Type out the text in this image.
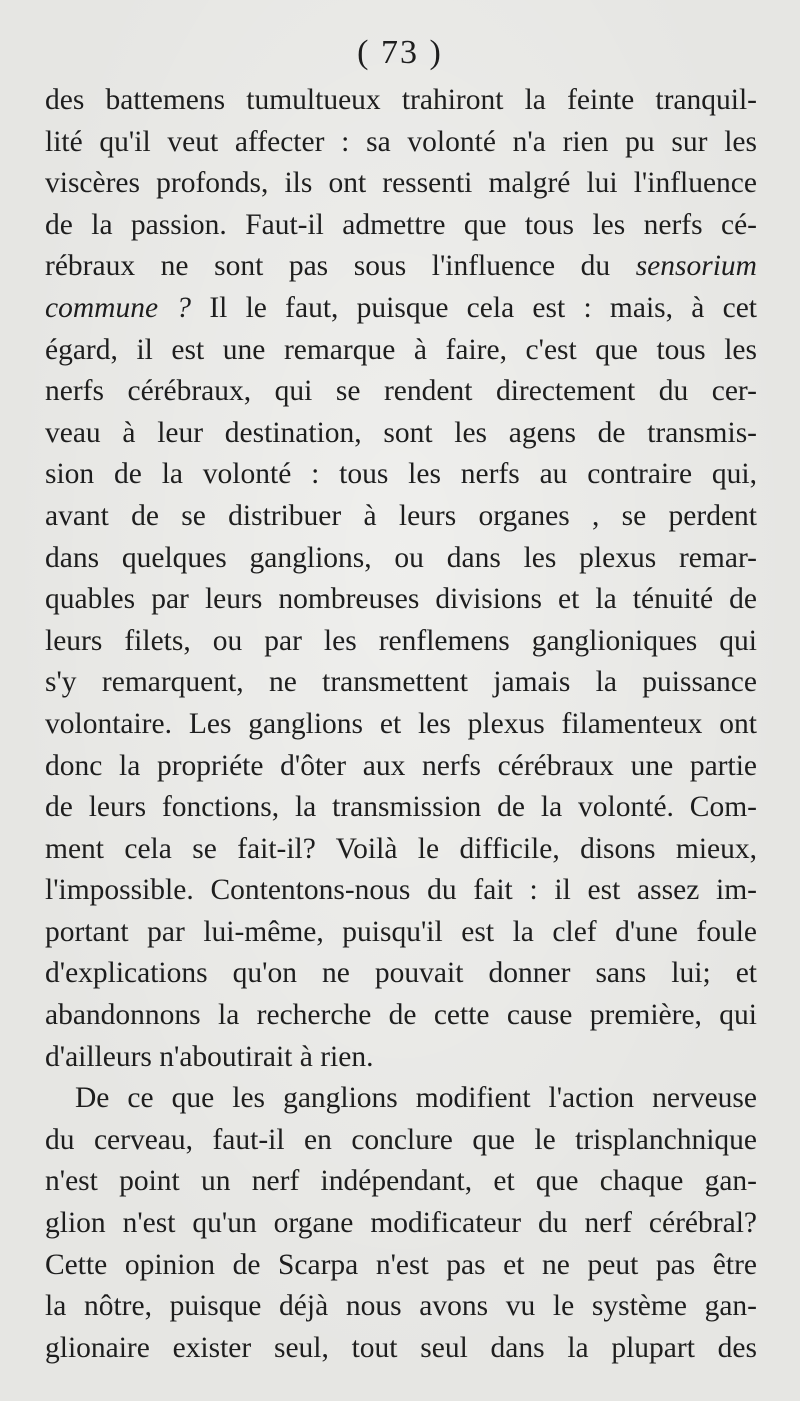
( 73 )
des battemens tumultueux trahiront la feinte tranquil-
lité qu'il veut affecter : sa volonté n'a rien pu sur les
viscères profonds, ils ont ressenti malgré lui l'influence
de la passion. Faut-il admettre que tous les nerfs cé-
rébraux ne sont pas sous l'influence du sensorium
commune ? Il le faut, puisque cela est : mais, à cet
égard, il est une remarque à faire, c'est que tous les
nerfs cérébraux, qui se rendent directement du cer-
veau à leur destination, sont les agens de transmis-
sion de la volonté : tous les nerfs au contraire qui,
avant de se distribuer à leurs organes , se perdent
dans quelques ganglions, ou dans les plexus remar-
quables par leurs nombreuses divisions et la ténuité de
leurs filets, ou par les renflemens ganglioniques qui
s'y remarquent, ne transmettent jamais la puissance
volontaire. Les ganglions et les plexus filamenteux ont
donc la propriéte d'ôter aux nerfs cérébraux une partie
de leurs fonctions, la transmission de la volonté. Com-
ment cela se fait-il? Voilà le difficile, disons mieux,
l'impossible. Contentons-nous du fait : il est assez im-
portant par lui-même, puisqu'il est la clef d'une foule
d'explications qu'on ne pouvait donner sans lui; et
abandonnons la recherche de cette cause première, qui
d'ailleurs n'aboutirait à rien.
De ce que les ganglions modifient l'action nerveuse
du cerveau, faut-il en conclure que le trisplanchnique
n'est point un nerf indépendant, et que chaque gan-
glion n'est qu'un organe modificateur du nerf cérébral?
Cette opinion de Scarpa n'est pas et ne peut pas être
la nôtre, puisque déjà nous avons vu le système gan-
glionaire exister seul, tout seul dans la plupart des
